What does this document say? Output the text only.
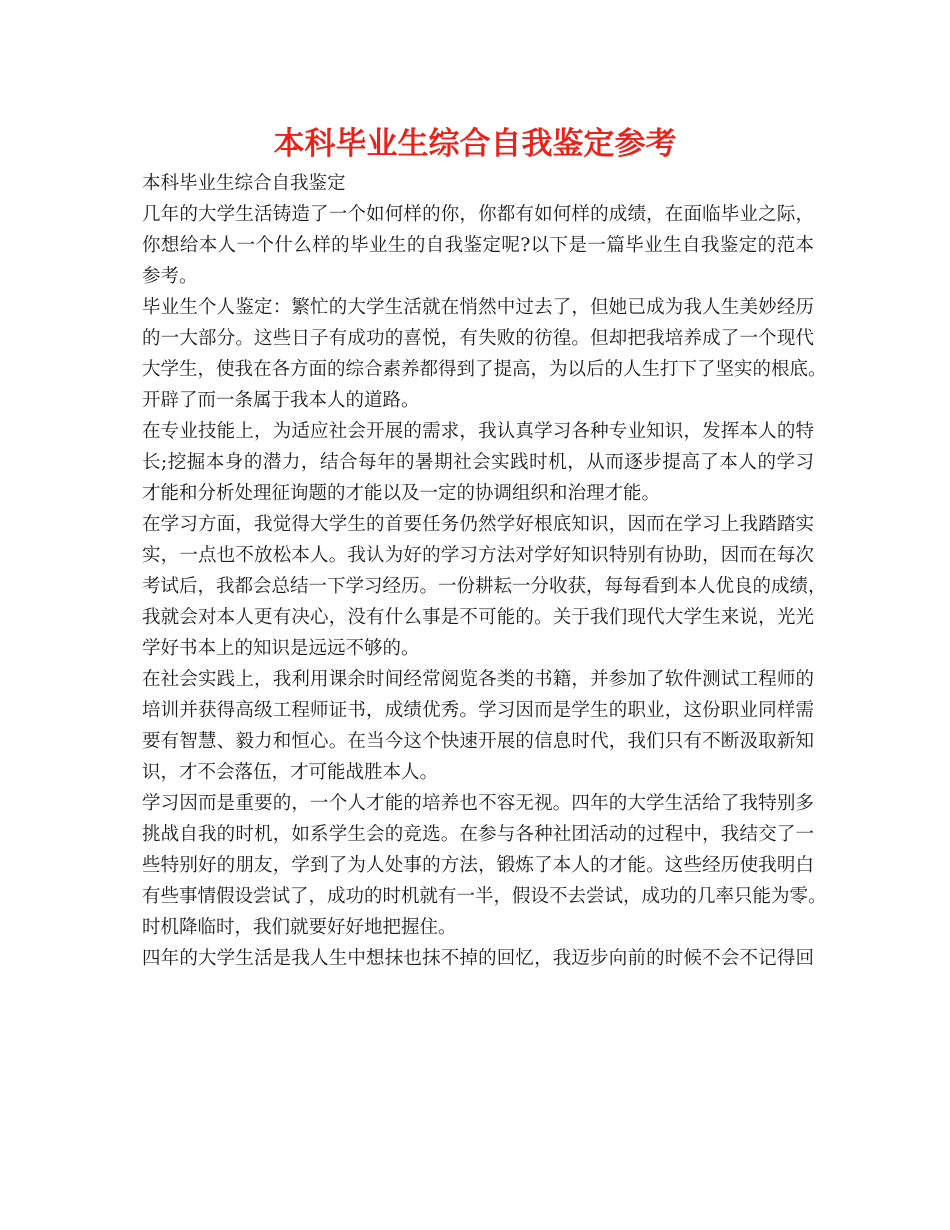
本科毕业生综合自我鉴定参考
本科毕业生综合自我鉴定
几年的大学生活铸造了一个如何样的你，你都有如何样的成绩，在面临毕业之际，
你想给本人一个什么样的毕业生的自我鉴定呢?以下是一篇毕业生自我鉴定的范本
参考。
毕业生个人鉴定：繁忙的大学生活就在悄然中过去了，但她已成为我人生美妙经历
的一大部分。这些日子有成功的喜悦，有失败的彷徨。但却把我培养成了一个现代
大学生，使我在各方面的综合素养都得到了提高，为以后的人生打下了坚实的根底。
开辟了而一条属于我本人的道路。
在专业技能上，为适应社会开展的需求，我认真学习各种专业知识，发挥本人的特
长;挖掘本身的潜力，结合每年的暑期社会实践时机，从而逐步提高了本人的学习
才能和分析处理征询题的才能以及一定的协调组织和治理才能。
在学习方面，我觉得大学生的首要任务仍然学好根底知识，因而在学习上我踏踏实
实，一点也不放松本人。我认为好的学习方法对学好知识特别有协助，因而在每次
考试后，我都会总结一下学习经历。一份耕耘一分收获，每每看到本人优良的成绩，
我就会对本人更有决心，没有什么事是不可能的。关于我们现代大学生来说，光光
学好书本上的知识是远远不够的。
在社会实践上，我利用课余时间经常阅览各类的书籍，并参加了软件测试工程师的
培训并获得高级工程师证书，成绩优秀。学习因而是学生的职业，这份职业同样需
要有智慧、毅力和恒心。在当今这个快速开展的信息时代，我们只有不断汲取新知
识，才不会落伍，才可能战胜本人。
学习因而是重要的，一个人才能的培养也不容无视。四年的大学生活给了我特别多
挑战自我的时机，如系学生会的竞选。在参与各种社团活动的过程中，我结交了一
些特别好的朋友，学到了为人处事的方法，锻炼了本人的才能。这些经历使我明白
有些事情假设尝试了，成功的时机就有一半，假设不去尝试，成功的几率只能为零。
时机降临时，我们就要好好地把握住。
四年的大学生活是我人生中想抹也抹不掉的回忆，我迈步向前的时候不会不记得回
